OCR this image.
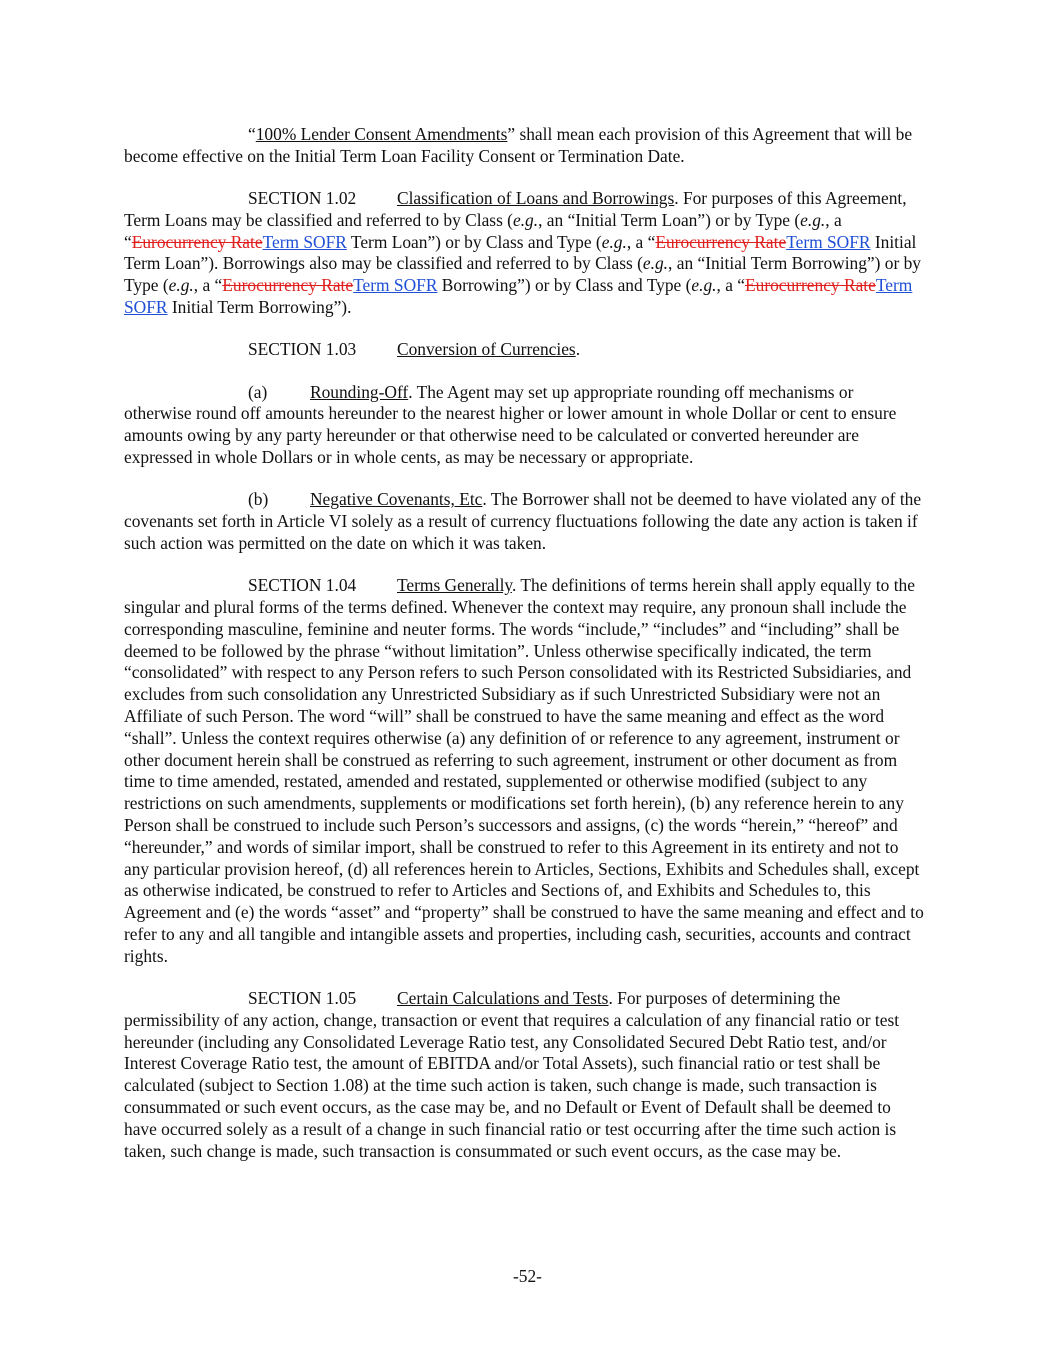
“100% Lender Consent Amendments” shall mean each provision of this Agreement that will be become effective on the Initial Term Loan Facility Consent or Termination Date.

SECTION 1.02 Classification of Loans and Borrowings. For purposes of this Agreement, Term Loans may be classified and referred to by Class (e.g., an “Initial Term Loan”) or by Type (e.g., a “Eurocurrency RateTerm SOFR Term Loan”) or by Class and Type (e.g., a “Eurocurrency RateTerm SOFR Initial Term Loan”). Borrowings also may be classified and referred to by Class (e.g., an “Initial Term Borrowing”) or by Type (e.g., a “Eurocurrency RateTerm SOFR Borrowing”) or by Class and Type (e.g., a “Eurocurrency RateTerm SOFR Initial Term Borrowing”).

SECTION 1.03 Conversion of Currencies.

(a) Rounding-Off. The Agent may set up appropriate rounding off mechanisms or otherwise round off amounts hereunder to the nearest higher or lower amount in whole Dollar or cent to ensure amounts owing by any party hereunder or that otherwise need to be calculated or converted hereunder are expressed in whole Dollars or in whole cents, as may be necessary or appropriate.

(b) Negative Covenants, Etc. The Borrower shall not be deemed to have violated any of the covenants set forth in Article VI solely as a result of currency fluctuations following the date any action is taken if such action was permitted on the date on which it was taken.

SECTION 1.04 Terms Generally. The definitions of terms herein shall apply equally to the singular and plural forms of the terms defined. Whenever the context may require, any pronoun shall include the corresponding masculine, feminine and neuter forms. The words “include,” “includes” and “including” shall be deemed to be followed by the phrase “without limitation”. Unless otherwise specifically indicated, the term “consolidated” with respect to any Person refers to such Person consolidated with its Restricted Subsidiaries, and excludes from such consolidation any Unrestricted Subsidiary as if such Unrestricted Subsidiary were not an Affiliate of such Person. The word “will” shall be construed to have the same meaning and effect as the word “shall”. Unless the context requires otherwise (a) any definition of or reference to any agreement, instrument or other document herein shall be construed as referring to such agreement, instrument or other document as from time to time amended, restated, amended and restated, supplemented or otherwise modified (subject to any restrictions on such amendments, supplements or modifications set forth herein), (b) any reference herein to any Person shall be construed to include such Person’s successors and assigns, (c) the words “herein,” “hereof” and “hereunder,” and words of similar import, shall be construed to refer to this Agreement in its entirety and not to any particular provision hereof, (d) all references herein to Articles, Sections, Exhibits and Schedules shall, except as otherwise indicated, be construed to refer to Articles and Sections of, and Exhibits and Schedules to, this Agreement and (e) the words “asset” and “property” shall be construed to have the same meaning and effect and to refer to any and all tangible and intangible assets and properties, including cash, securities, accounts and contract rights.

SECTION 1.05 Certain Calculations and Tests. For purposes of determining the permissibility of any action, change, transaction or event that requires a calculation of any financial ratio or test hereunder (including any Consolidated Leverage Ratio test, any Consolidated Secured Debt Ratio test, and/or Interest Coverage Ratio test, the amount of EBITDA and/or Total Assets), such financial ratio or test shall be calculated (subject to Section 1.08) at the time such action is taken, such change is made, such transaction is consummated or such event occurs, as the case may be, and no Default or Event of Default shall be deemed to have occurred solely as a result of a change in such financial ratio or test occurring after the time such action is taken, such change is made, such transaction is consummated or such event occurs, as the case may be.

-52-
